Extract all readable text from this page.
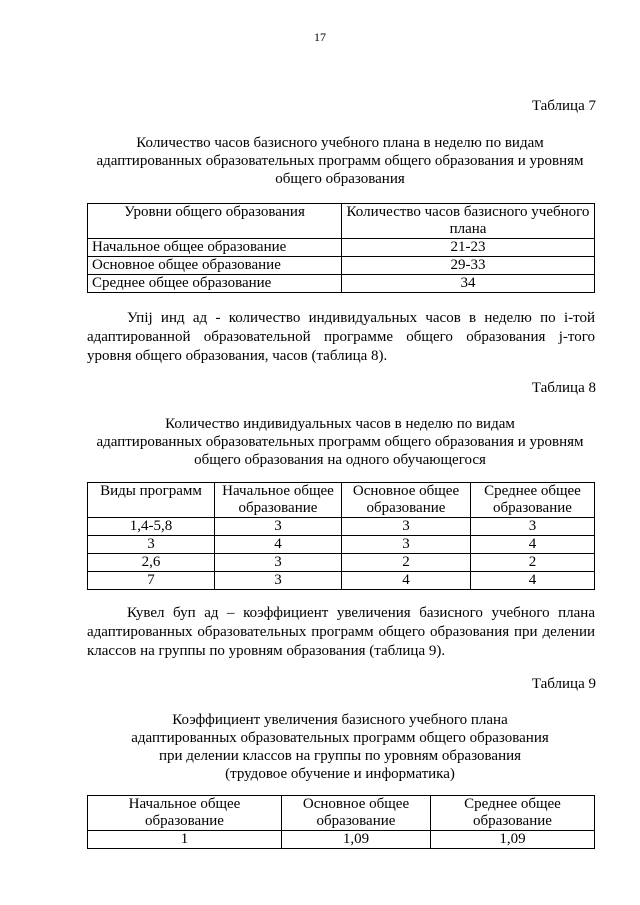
17
Таблица 7
Количество часов базисного учебного плана в неделю по видам
адаптированных образовательных программ общего образования и уровням
общего образования
Уровни общего образования	Количество часов базисного учебного плана
Начальное общее образование	21-23
Основное общее образование	29-33
Среднее общее образование	34

Упij инд ад - количество индивидуальных часов в неделю по i-той адаптированной образовательной программе общего образования j-того уровня общего образования, часов (таблица 8).

Таблица 8
Количество индивидуальных часов в неделю по видам
адаптированных образовательных программ общего образования и уровням
общего образования на одного обучающегося
Виды программ	Начальное общее образование	Основное общее образование	Среднее общее образование
1,4-5,8	3	3	3
3	4	3	4
2,6	3	2	2
7	3	4	4

Кувел буп ад – коэффициент увеличения базисного учебного плана адаптированных образовательных программ общего образования при делении классов на группы по уровням образования (таблица 9).

Таблица 9
Коэффициент увеличения базисного учебного плана
адаптированных образовательных программ общего образования
при делении классов на группы по уровням образования
(трудовое обучение и информатика)
Начальное общее образование	Основное общее образование	Среднее общее образование
1	1,09	1,09
